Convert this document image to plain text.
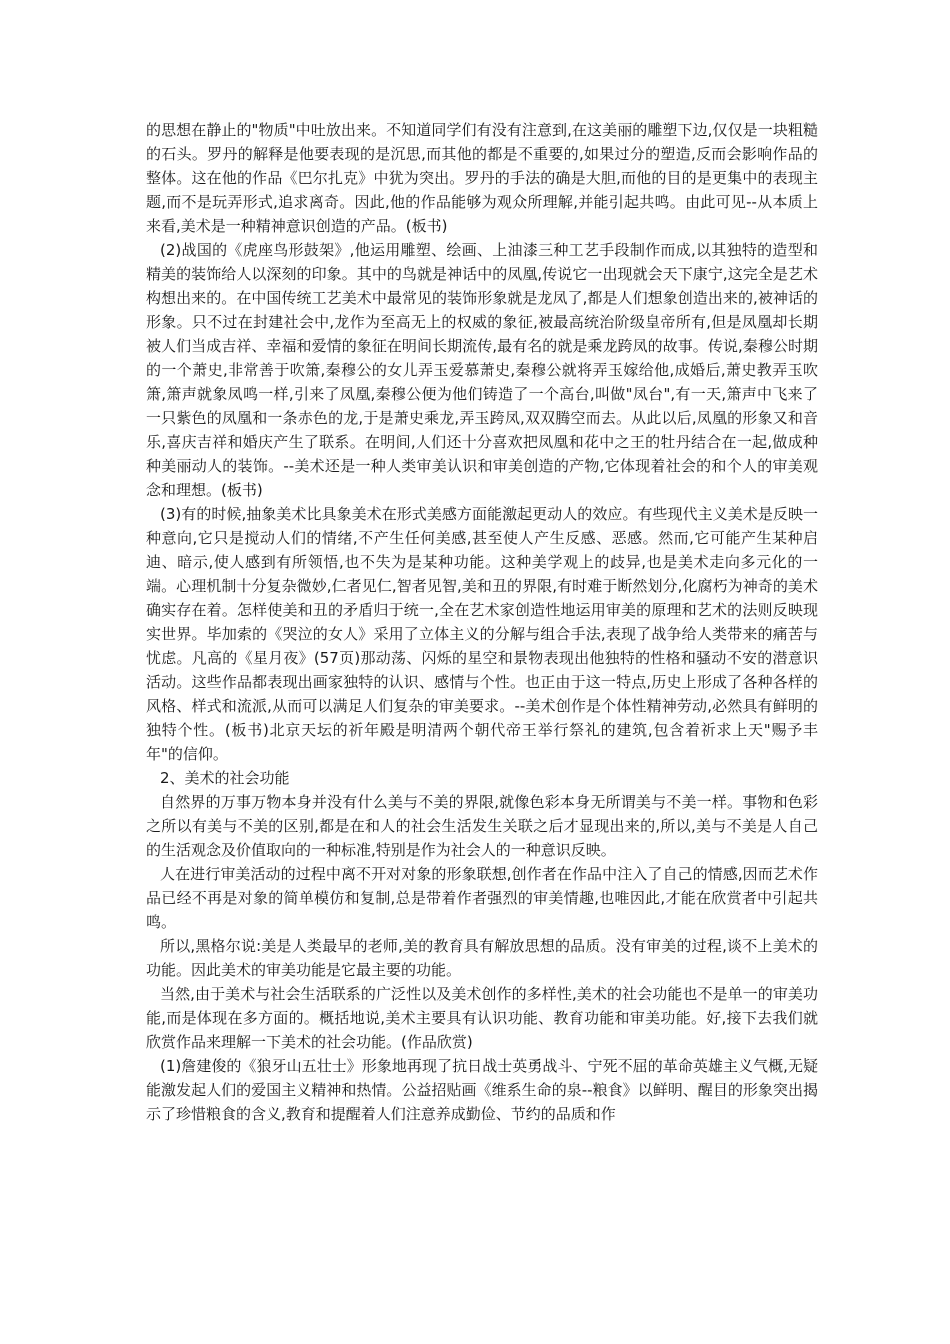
的思想在静止的"物质"中吐放出来。不知道同学们有没有注意到,在这美丽的雕塑下边,仅仅是一块粗糙的石头。罗丹的解释是他要表现的是沉思,而其他的都是不重要的,如果过分的塑造,反而会影响作品的整体。这在他的作品《巴尔扎克》中犹为突出。罗丹的手法的确是大胆,而他的目的是更集中的表现主题,而不是玩弄形式,追求离奇。因此,他的作品能够为观众所理解,并能引起共鸣。由此可见--从本质上来看,美术是一种精神意识创造的产品。(板书)

(2)战国的《虎座鸟形鼓架》,他运用雕塑、绘画、上油漆三种工艺手段制作而成,以其独特的造型和精美的装饰给人以深刻的印象。其中的鸟就是神话中的凤凰,传说它一出现就会天下康宁,这完全是艺术构想出来的。在中国传统工艺美术中最常见的装饰形象就是龙凤了,都是人们想象创造出来的,被神话的形象。只不过在封建社会中,龙作为至高无上的权威的象征,被最高统治阶级皇帝所有,但是凤凰却长期被人们当成吉祥、幸福和爱情的象征在明间长期流传,最有名的就是乘龙跨凤的故事。传说,秦穆公时期的一个萧史,非常善于吹箫,秦穆公的女儿弄玉爱慕萧史,秦穆公就将弄玉嫁给他,成婚后,萧史教弄玉吹箫,箫声就象凤鸣一样,引来了凤凰,秦穆公便为他们铸造了一个高台,叫做"凤台",有一天,箫声中飞来了一只紫色的凤凰和一条赤色的龙,于是萧史乘龙,弄玉跨凤,双双腾空而去。从此以后,凤凰的形象又和音乐,喜庆吉祥和婚庆产生了联系。在明间,人们还十分喜欢把凤凰和花中之王的牡丹结合在一起,做成种种美丽动人的装饰。--美术还是一种人类审美认识和审美创造的产物,它体现着社会的和个人的审美观念和理想。(板书)

(3)有的时候,抽象美术比具象美术在形式美感方面能激起更动人的效应。有些现代主义美术是反映一种意向,它只是搅动人们的情绪,不产生任何美感,甚至使人产生反感、恶感。然而,它可能产生某种启迪、暗示,使人感到有所领悟,也不失为是某种功能。这种美学观上的歧异,也是美术走向多元化的一端。心理机制十分复杂微妙,仁者见仁,智者见智,美和丑的界限,有时难于断然划分,化腐朽为神奇的美术确实存在着。怎样使美和丑的矛盾归于统一,全在艺术家创造性地运用审美的原理和艺术的法则反映现实世界。毕加索的《哭泣的女人》采用了立体主义的分解与组合手法,表现了战争给人类带来的痛苦与忧虑。凡高的《星月夜》(57页)那动荡、闪烁的星空和景物表现出他独特的性格和骚动不安的潜意识活动。这些作品都表现出画家独特的认识、感情与个性。也正由于这一特点,历史上形成了各种各样的风格、样式和流派,从而可以满足人们复杂的审美要求。--美术创作是个体性精神劳动,必然具有鲜明的独特个性。(板书)北京天坛的祈年殿是明清两个朝代帝王举行祭礼的建筑,包含着祈求上天"赐予丰年"的信仰。

2、美术的社会功能

自然界的万事万物本身并没有什么美与不美的界限,就像色彩本身无所谓美与不美一样。事物和色彩之所以有美与不美的区别,都是在和人的社会生活发生关联之后才显现出来的,所以,美与不美是人自己的生活观念及价值取向的一种标准,特别是作为社会人的一种意识反映。

人在进行审美活动的过程中离不开对对象的形象联想,创作者在作品中注入了自己的情感,因而艺术作品已经不再是对象的简单模仿和复制,总是带着作者强烈的审美情趣,也唯因此,才能在欣赏者中引起共鸣。

所以,黑格尔说:美是人类最早的老师,美的教育具有解放思想的品质。没有审美的过程,谈不上美术的功能。因此美术的审美功能是它最主要的功能。

当然,由于美术与社会生活联系的广泛性以及美术创作的多样性,美术的社会功能也不是单一的审美功能,而是体现在多方面的。概括地说,美术主要具有认识功能、教育功能和审美功能。好,接下去我们就欣赏作品来理解一下美术的社会功能。(作品欣赏)

(1)詹建俊的《狼牙山五壮士》形象地再现了抗日战士英勇战斗、宁死不屈的革命英雄主义气概,无疑能激发起人们的爱国主义精神和热情。公益招贴画《维系生命的泉--粮食》以鲜明、醒目的形象突出揭示了珍惜粮食的含义,教育和提醒着人们注意养成勤俭、节约的品质和作
